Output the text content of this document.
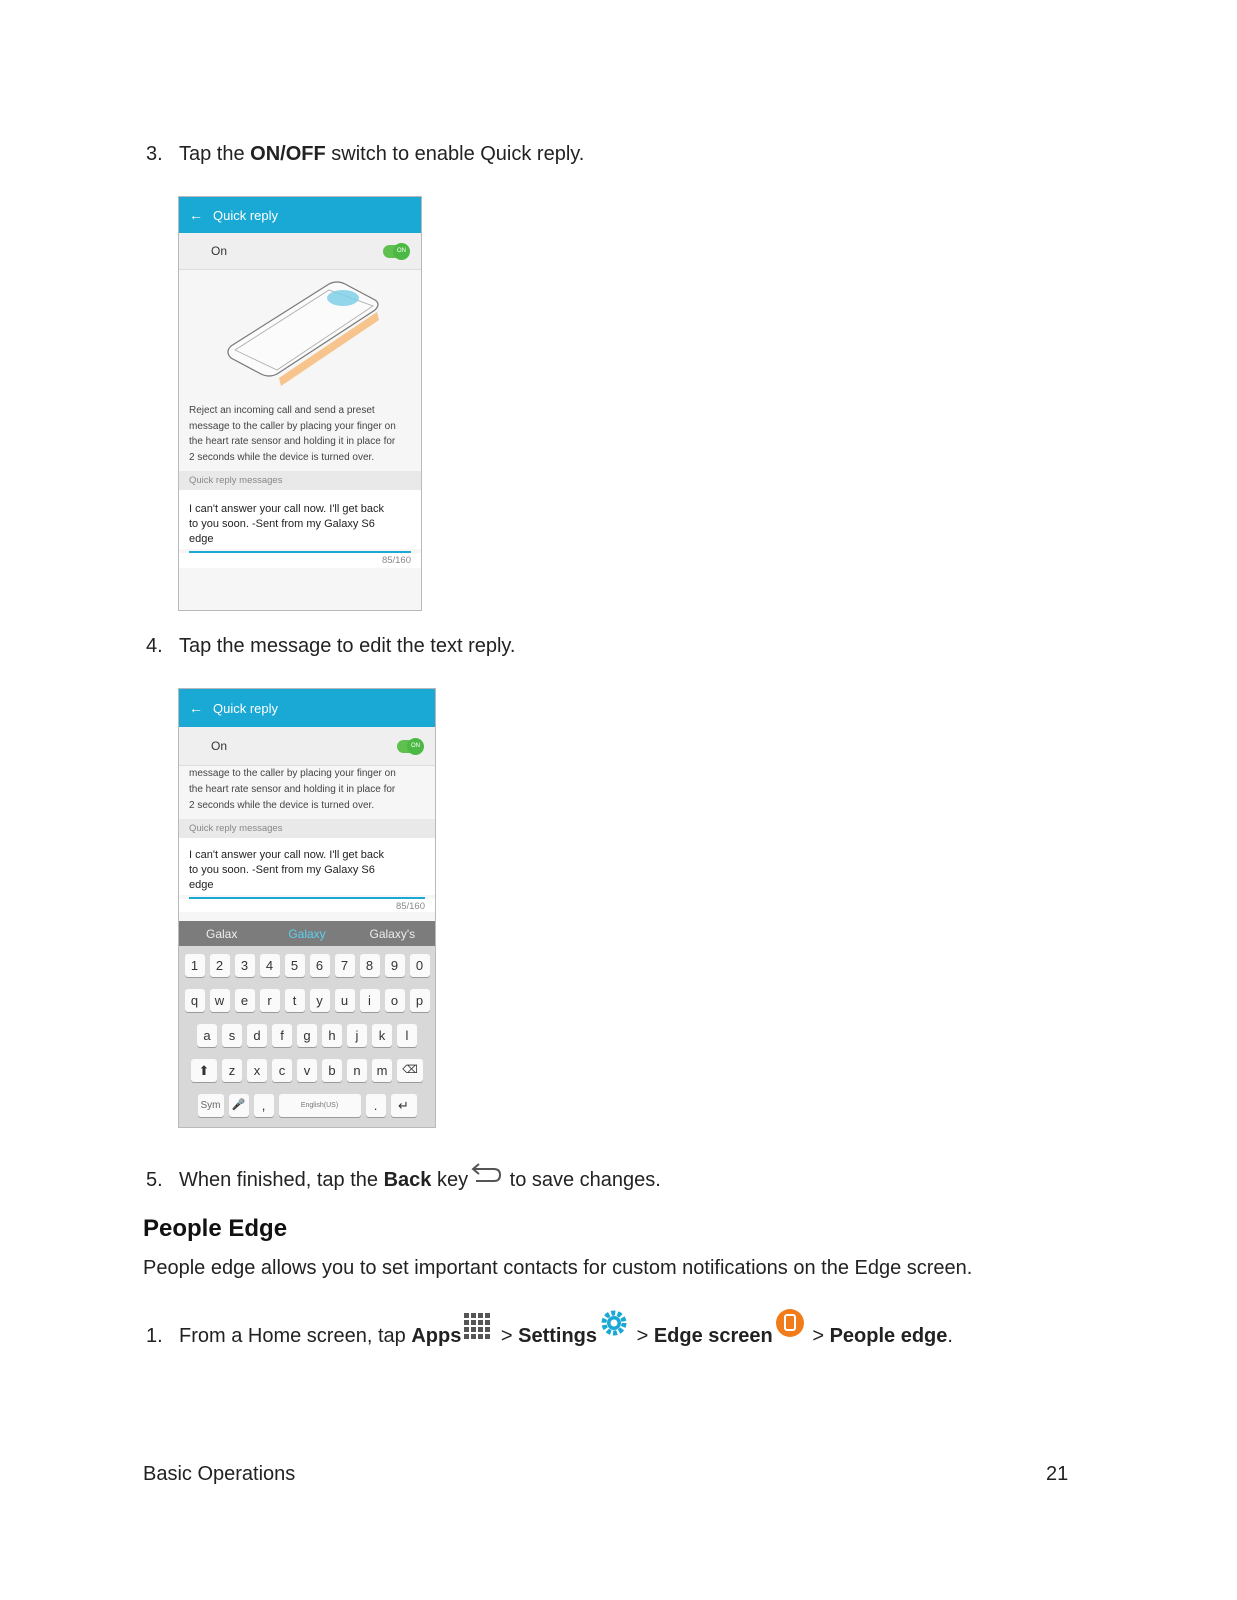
3. Tap the ON/OFF switch to enable Quick reply.
← Quick reply
On	ON
Reject an incoming call and send a preset
message to the caller by placing your finger on
the heart rate sensor and holding it in place for
2 seconds while the device is turned over.
Quick reply messages
I can't answer your call now. I'll get back
to you soon. -Sent from my Galaxy S6
edge
85/160
4. Tap the message to edit the text reply.
← Quick reply
On	ON
message to the caller by placing your finger on
the heart rate sensor and holding it in place for
2 seconds while the device is turned over.
Quick reply messages
I can't answer your call now. I'll get back
to you soon. -Sent from my Galaxy S6
edge
85/160
Galax	Galaxy	Galaxy's
1	2	3	4	5	6	7	8	9	0
q	w	e	r	t	y	u	i	o	p
a	s	d	f	g	h	j	k	l
⬆	z	x	c	v	b	n	m	⌫
Sym 🎤	,	English(US)	.	↵
5. When finished, tap the Back key to save changes.
People Edge
People edge allows you to set important contacts for custom notifications on the Edge screen.
1. From a Home screen, tap Apps > Settings > Edge screen > People edge.
Basic Operations	21
